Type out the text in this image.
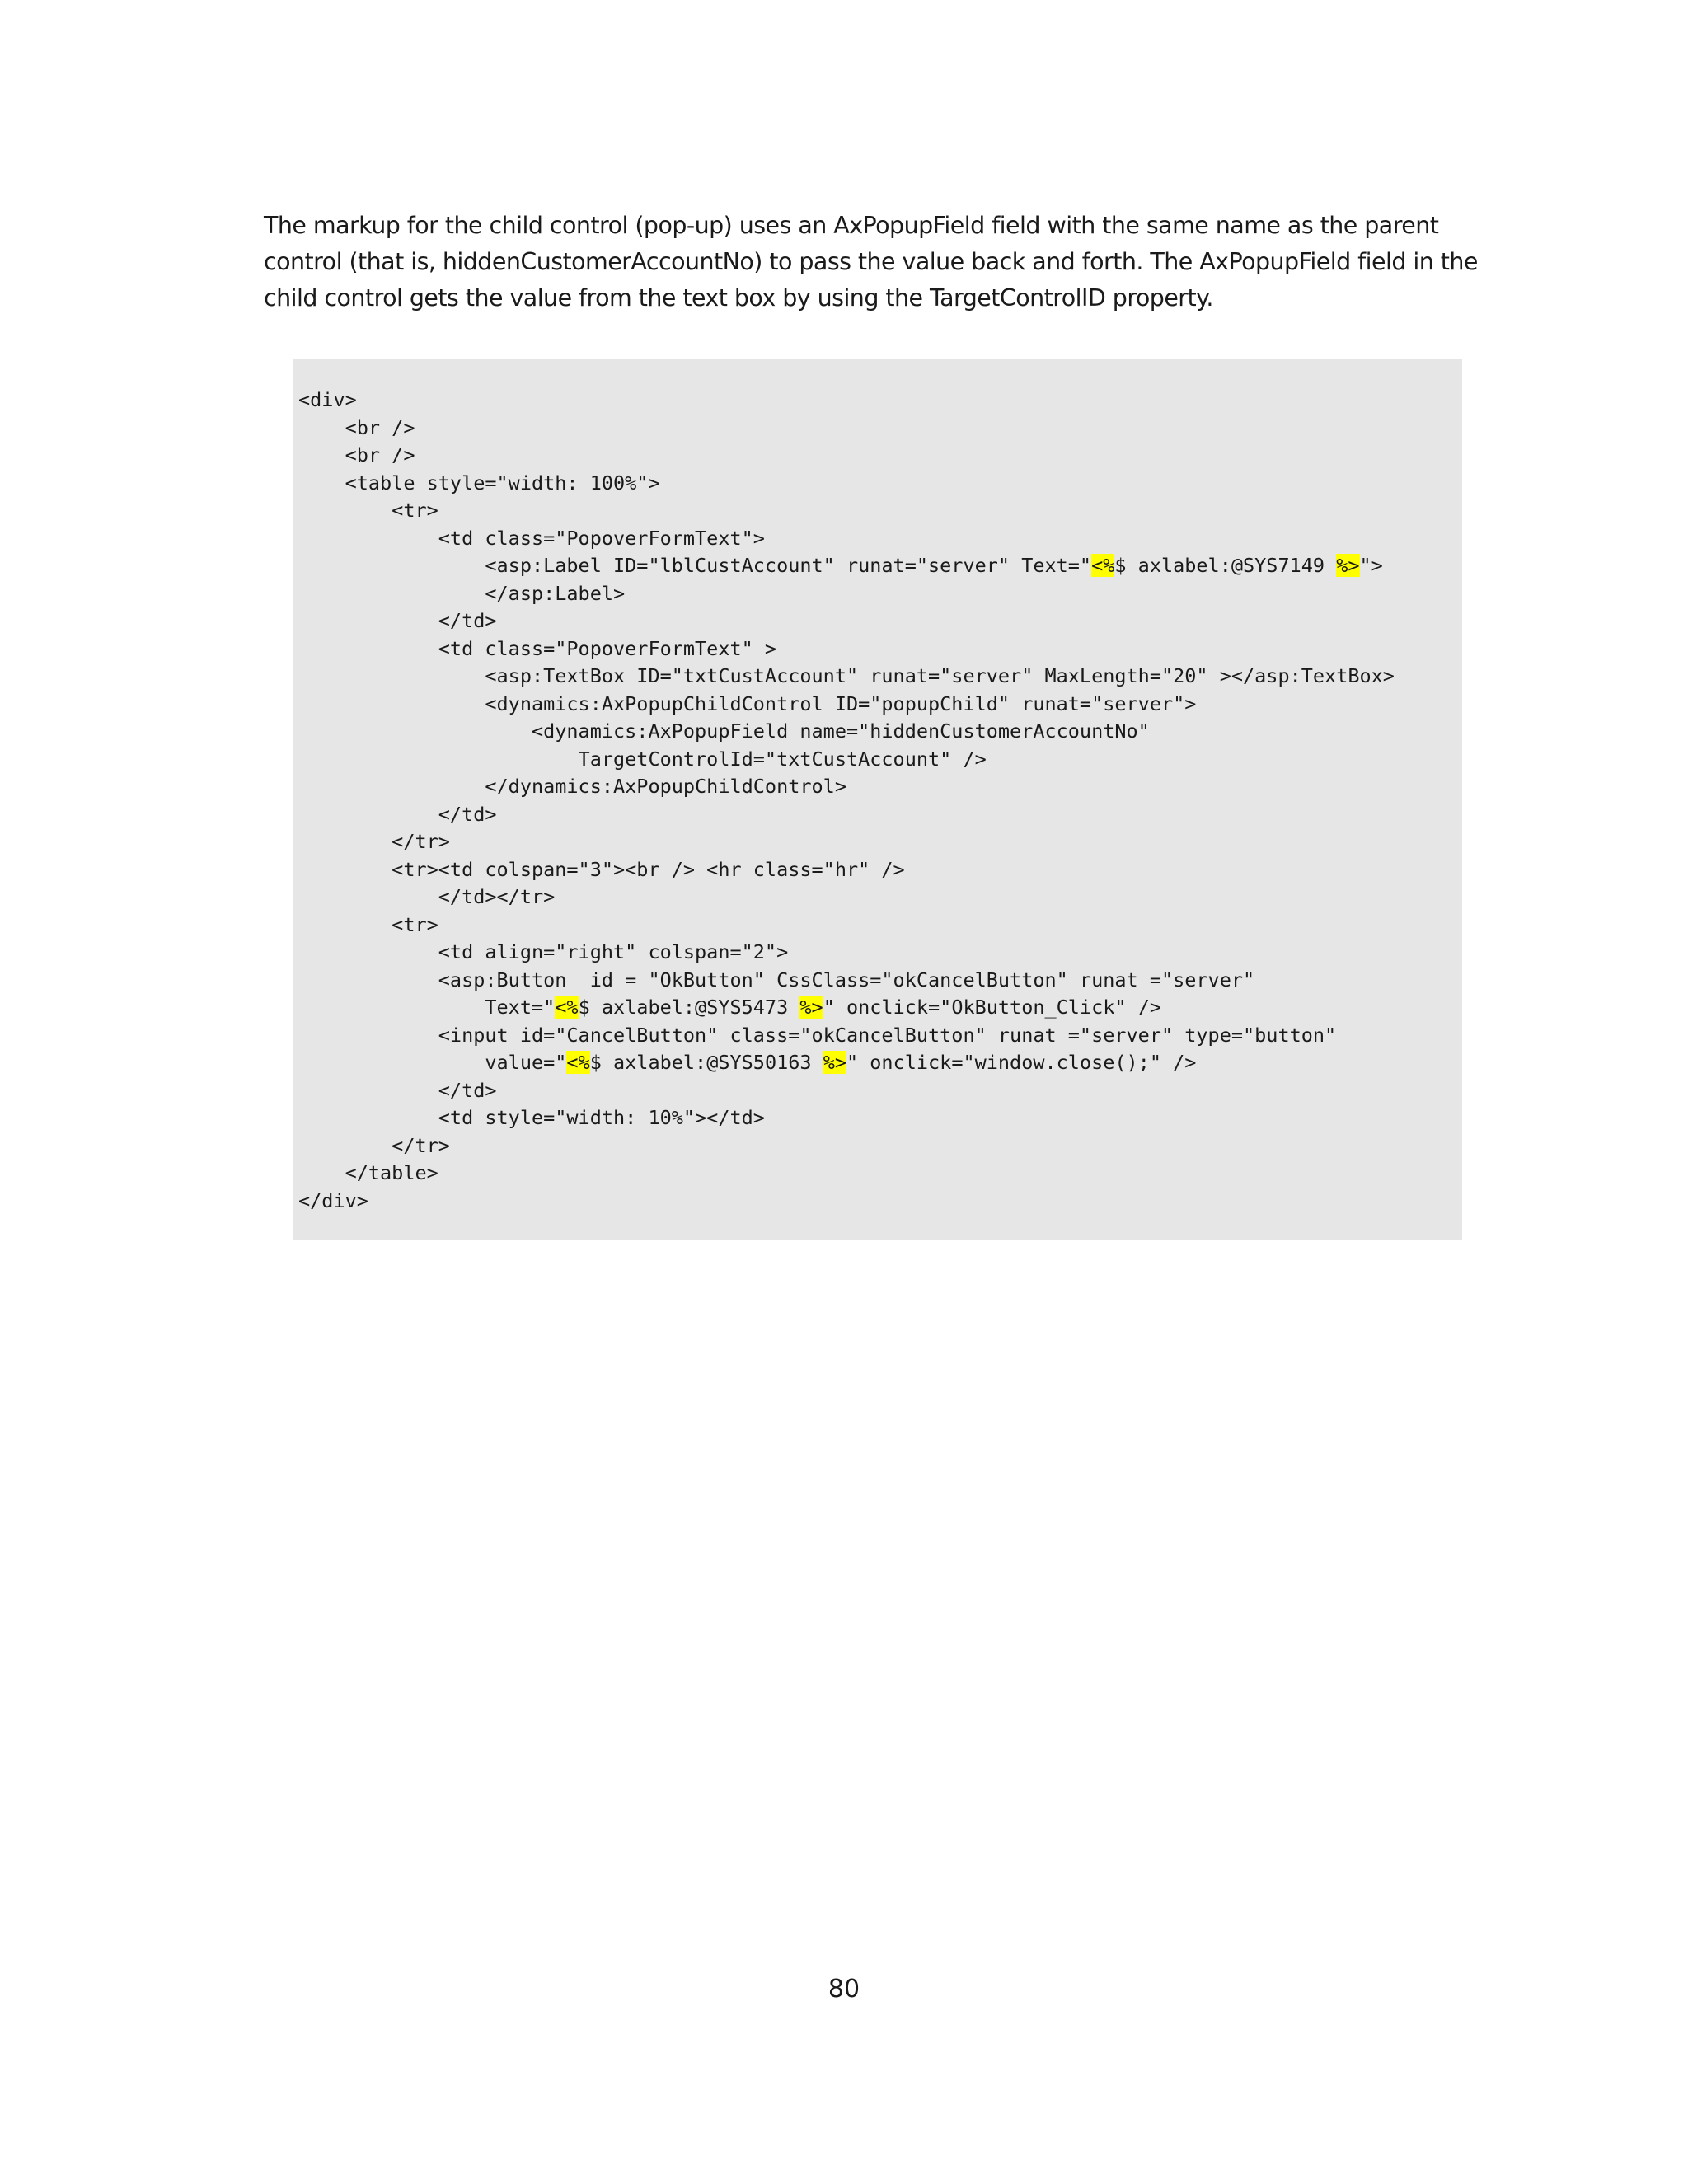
The markup for the child control (pop-up) uses an AxPopupField field with the same name as the parent control (that is, hiddenCustomerAccountNo) to pass the value back and forth. The AxPopupField field in the child control gets the value from the text box by using the TargetControlID property.

<div>
<br />
<br />
<table style="width: 100%">
<tr>
<td class="PopoverFormText">
<asp:Label ID="lblCustAccount" runat="server" Text="<%$ axlabel:@SYS7149 %>">
</asp:Label>
</td>
<td class="PopoverFormText" >
<asp:TextBox ID="txtCustAccount" runat="server" MaxLength="20" ></asp:TextBox>
<dynamics:AxPopupChildControl ID="popupChild" runat="server">
<dynamics:AxPopupField name="hiddenCustomerAccountNo"
TargetControlId="txtCustAccount" />
</dynamics:AxPopupChildControl>
</td>
</tr>
<tr><td colspan="3"><br /> <hr class="hr" />
</td></tr>
<tr>
<td align="right" colspan="2">
<asp:Button  id = "OkButton" CssClass="okCancelButton" runat ="server"
Text="<%$ axlabel:@SYS5473 %>" onclick="OkButton_Click" />
<input id="CancelButton" class="okCancelButton" runat ="server" type="button"
value="<%$ axlabel:@SYS50163 %>" onclick="window.close();" />
</td>
<td style="width: 10%"></td>
</tr>
</table>
</div>
80
